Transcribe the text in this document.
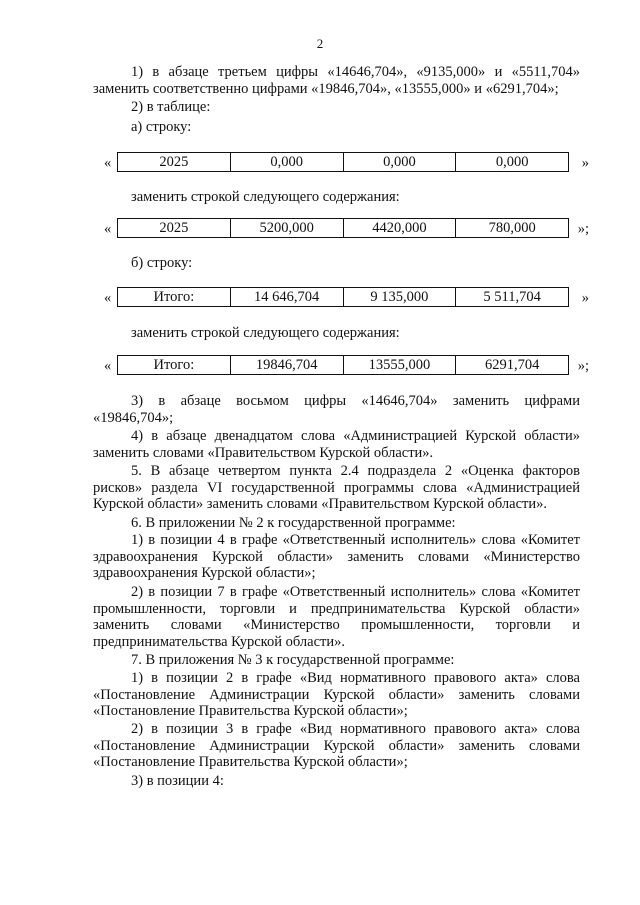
2

1) в абзаце третьем цифры «14646,704», «9135,000» и «5511,704» заменить соответственно цифрами «19846,704», «13555,000» и «6291,704»;

2) в таблице:

а) строку:

«	2025	0,000	0,000	0,000	»

заменить строкой следующего содержания:

«	2025	5200,000	4420,000	780,000	»;

б) строку:

«	Итого:	14 646,704	9 135,000	5 511,704	»

заменить строкой следующего содержания:

«	Итого:	19846,704	13555,000	6291,704	»;

3) в абзаце восьмом цифры «14646,704» заменить цифрами «19846,704»;

4) в абзаце двенадцатом слова «Администрацией Курской области» заменить словами «Правительством Курской области».

5. В абзаце четвертом пункта 2.4 подраздела 2 «Оценка факторов рисков» раздела VI государственной программы слова «Администрацией Курской области» заменить словами «Правительством Курской области».

6. В приложении № 2 к государственной программе:

1) в позиции 4 в графе «Ответственный исполнитель» слова «Комитет здравоохранения Курской области» заменить словами «Министерство здравоохранения Курской области»;

2) в позиции 7 в графе «Ответственный исполнитель» слова «Комитет промышленности, торговли и предпринимательства Курской области» заменить словами «Министерство промышленности, торговли и предпринимательства Курской области».

7. В приложения № 3 к государственной программе:

1) в позиции 2 в графе «Вид нормативного правового акта» слова «Постановление Администрации Курской области» заменить словами «Постановление Правительства Курской области»;

2) в позиции 3 в графе «Вид нормативного правового акта» слова «Постановление Администрации Курской области» заменить словами «Постановление Правительства Курской области»;

3) в позиции 4:
